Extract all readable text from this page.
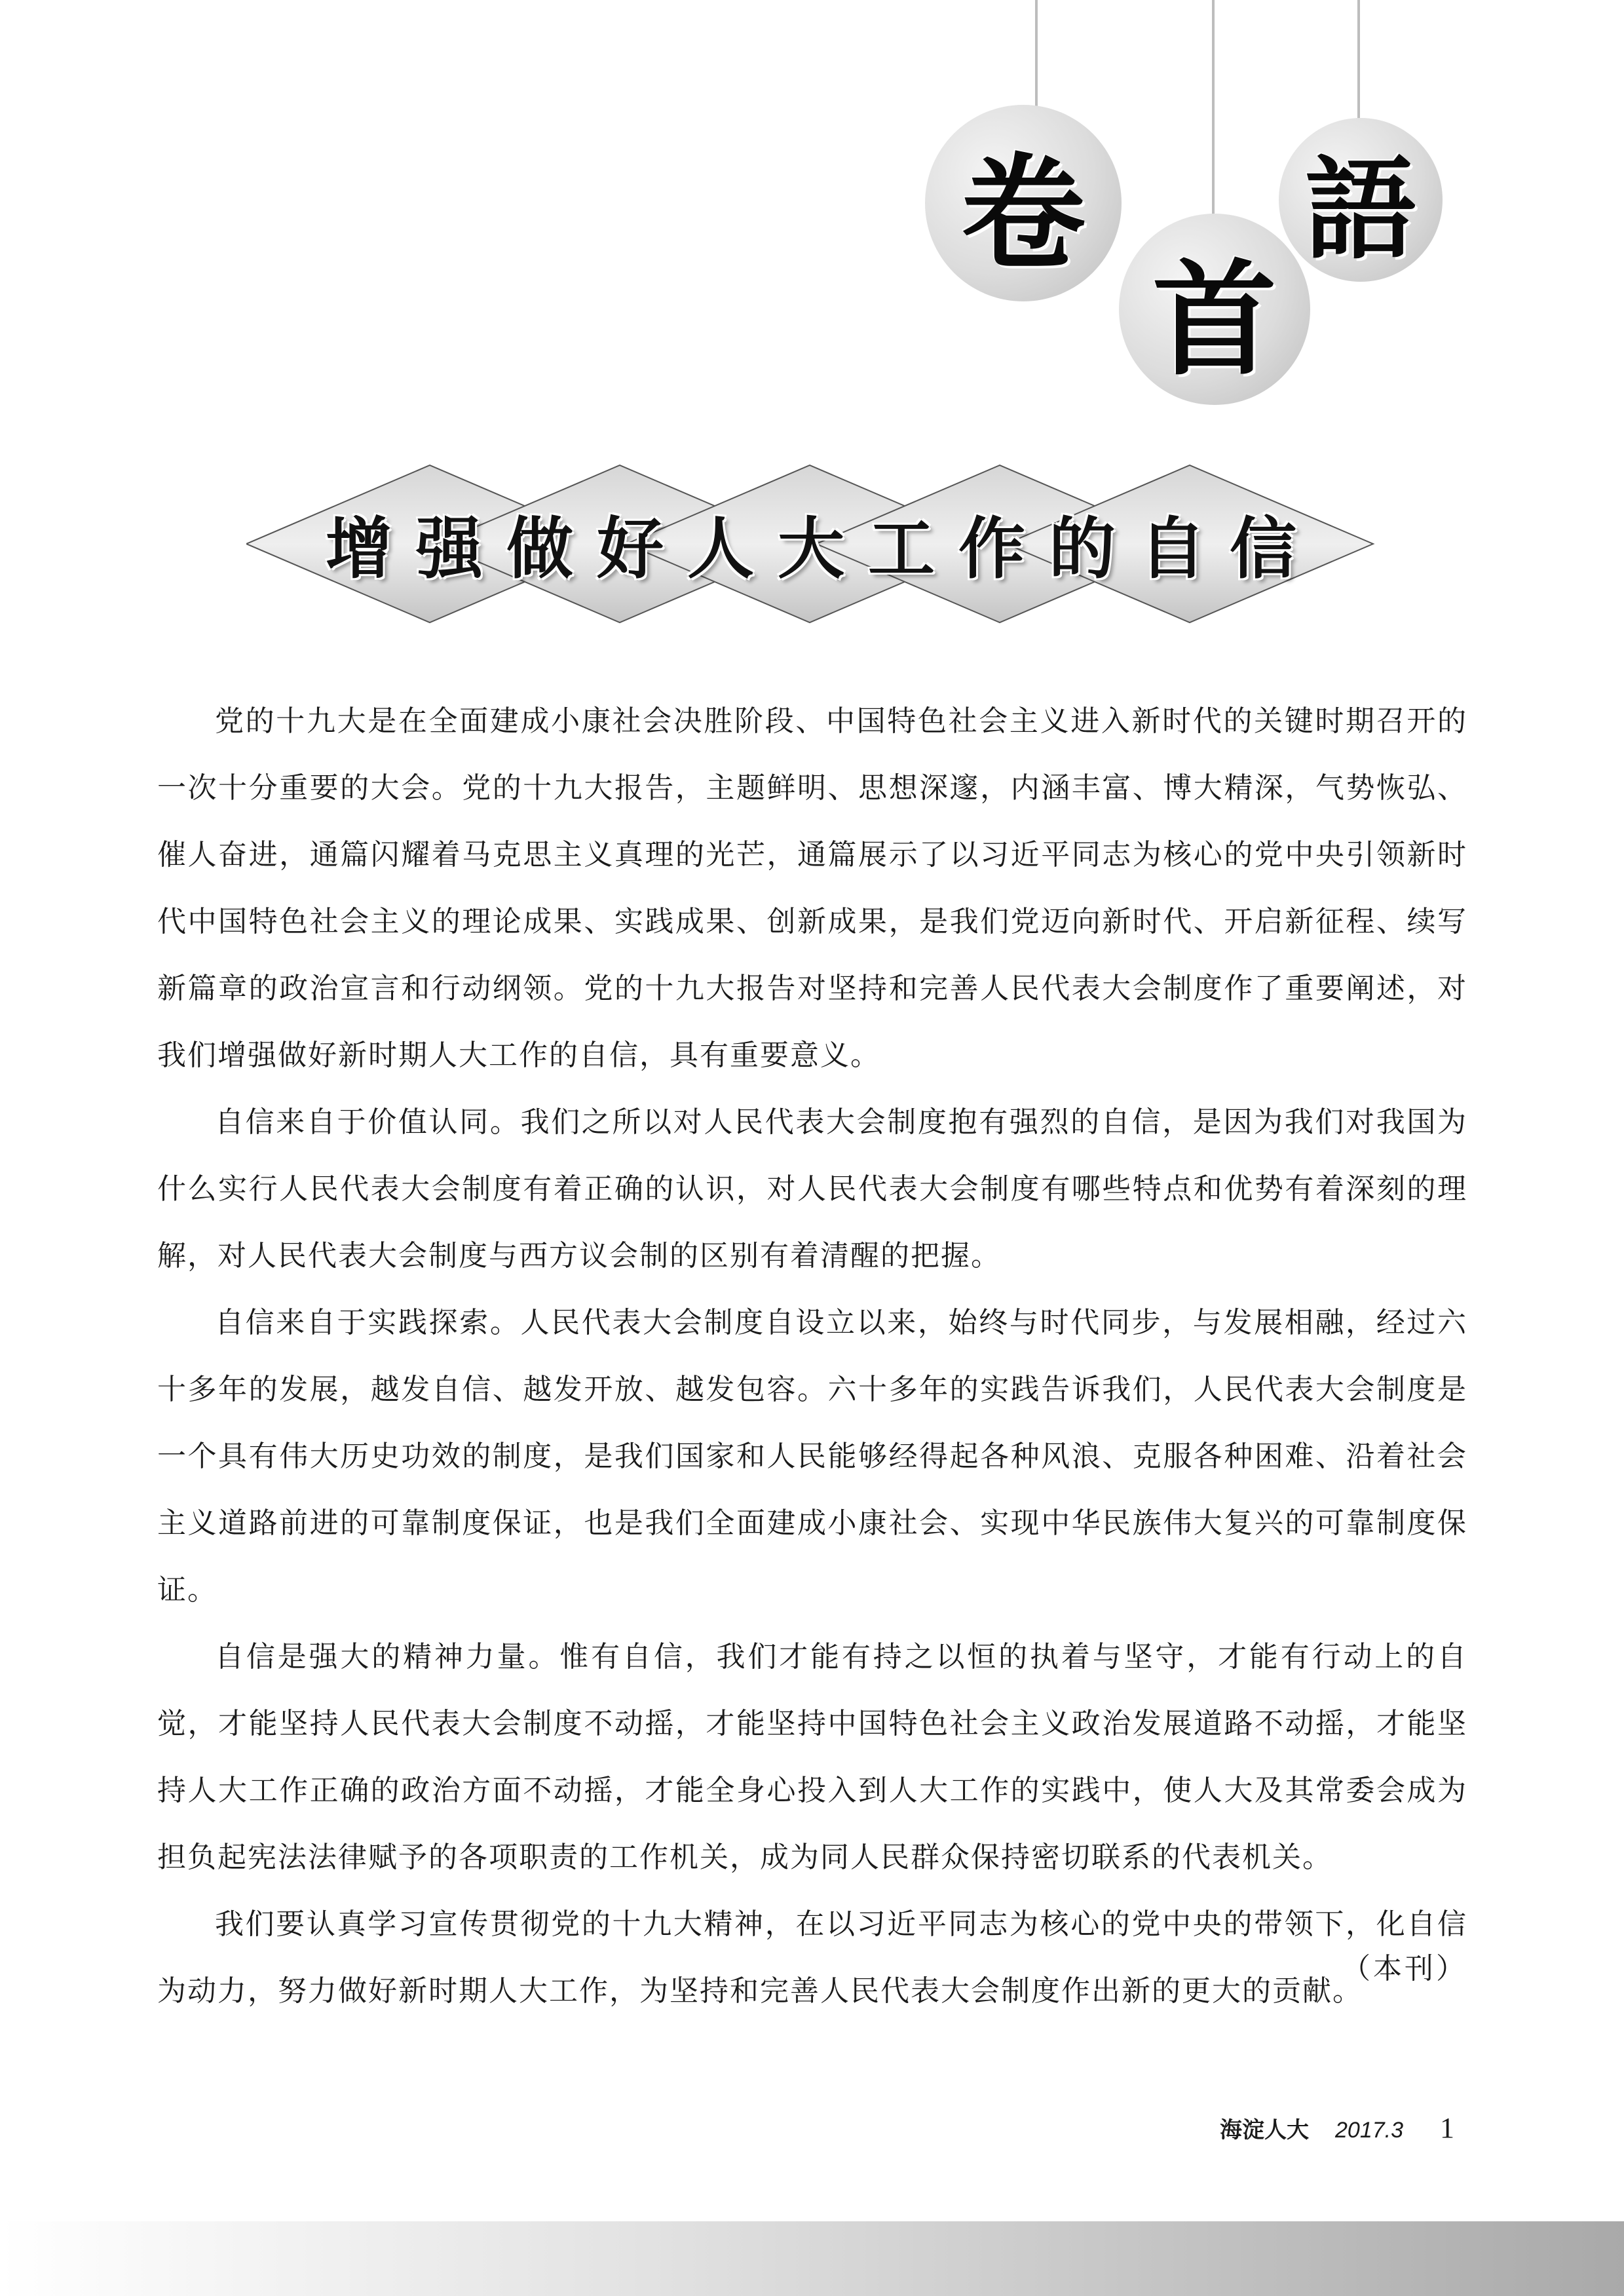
卷
首
語
增强做好人大工作的自信

党的十九大是在全面建成小康社会决胜阶段、中国特色社会主义进入新时代的关键时期召开的一次十分重要的大会。党的十九大报告，主题鲜明、思想深邃，内涵丰富、博大精深，气势恢弘、催人奋进，通篇闪耀着马克思主义真理的光芒，通篇展示了以习近平同志为核心的党中央引领新时代中国特色社会主义的理论成果、实践成果、创新成果，是我们党迈向新时代、开启新征程、续写新篇章的政治宣言和行动纲领。党的十九大报告对坚持和完善人民代表大会制度作了重要阐述，对我们增强做好新时期人大工作的自信，具有重要意义。

自信来自于价值认同。我们之所以对人民代表大会制度抱有强烈的自信，是因为我们对我国为什么实行人民代表大会制度有着正确的认识，对人民代表大会制度有哪些特点和优势有着深刻的理解，对人民代表大会制度与西方议会制的区别有着清醒的把握。

自信来自于实践探索。人民代表大会制度自设立以来，始终与时代同步，与发展相融，经过六十多年的发展，越发自信、越发开放、越发包容。六十多年的实践告诉我们，人民代表大会制度是一个具有伟大历史功效的制度，是我们国家和人民能够经得起各种风浪、克服各种困难、沿着社会主义道路前进的可靠制度保证，也是我们全面建成小康社会、实现中华民族伟大复兴的可靠制度保证。

自信是强大的精神力量。惟有自信，我们才能有持之以恒的执着与坚守，才能有行动上的自觉，才能坚持人民代表大会制度不动摇，才能坚持中国特色社会主义政治发展道路不动摇，才能坚持人大工作正确的政治方面不动摇，才能全身心投入到人大工作的实践中，使人大及其常委会成为担负起宪法法律赋予的各项职责的工作机关，成为同人民群众保持密切联系的代表机关。

我们要认真学习宣传贯彻党的十九大精神，在以习近平同志为核心的党中央的带领下，化自信为动力，努力做好新时期人大工作，为坚持和完善人民代表大会制度作出新的更大的贡献。

（本刊）
海淀人大 2017.3 1
